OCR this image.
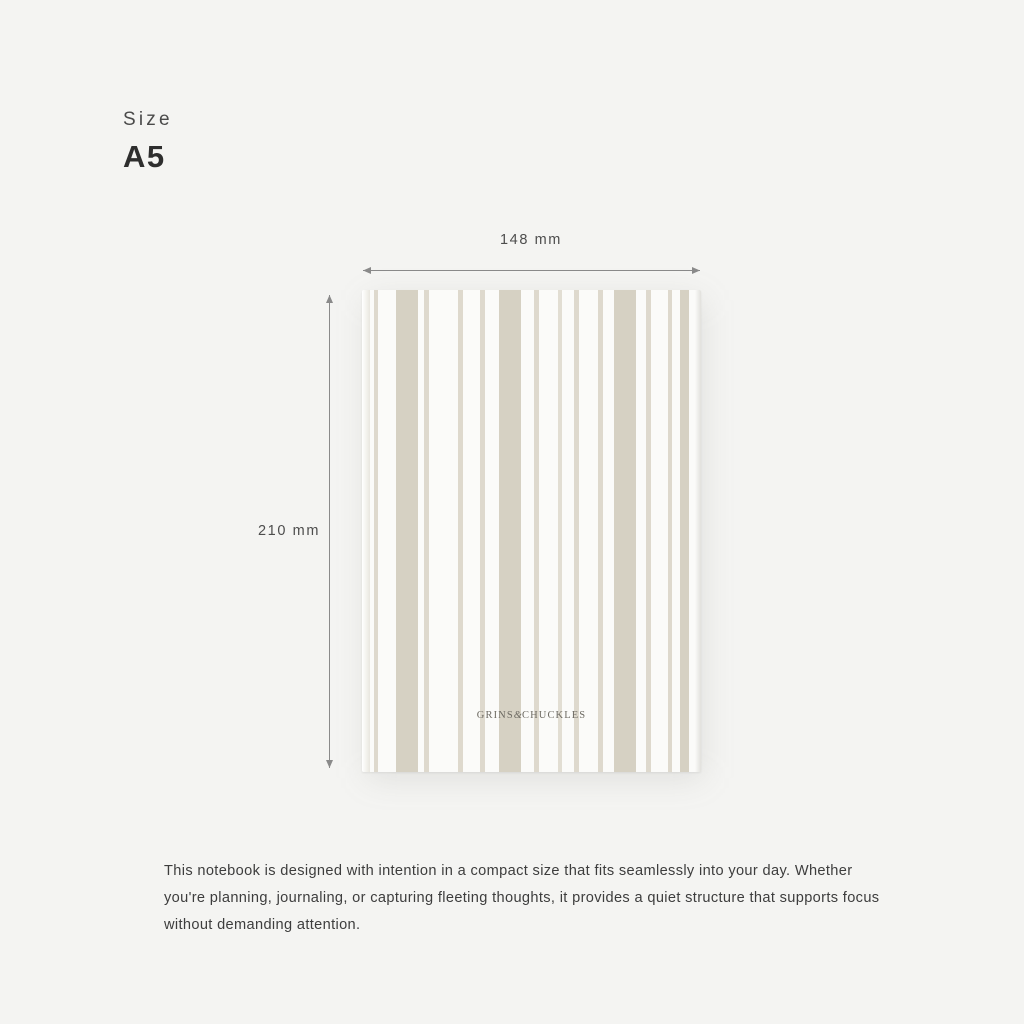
Size
A5
148 mm
210 mm
GRINS&CHUCKLES

This notebook is designed with intention in a compact size that fits seamlessly into your day. Whether you're planning, journaling, or capturing fleeting thoughts, it provides a quiet structure that supports focus without demanding attention.
